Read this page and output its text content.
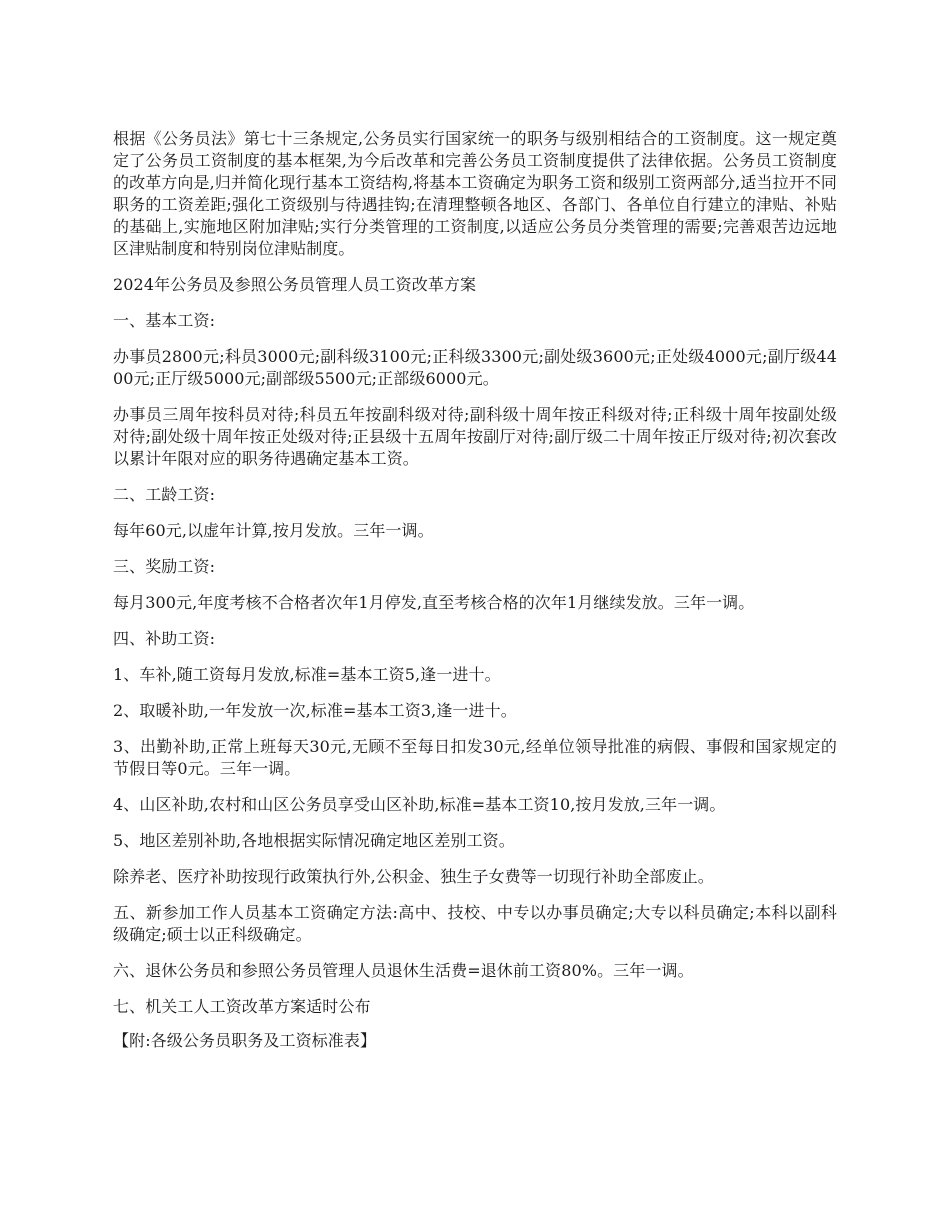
根据《公务员法》第七十三条规定,公务员实行国家统一的职务与级别相结合的工资制度。这一规定奠定了公务员工资制度的基本框架,为今后改革和完善公务员工资制度提供了法律依据。公务员工资制度的改革方向是,归并简化现行基本工资结构,将基本工资确定为职务工资和级别工资两部分,适当拉开不同职务的工资差距;强化工资级别与待遇挂钩;在清理整顿各地区、各部门、各单位自行建立的津贴、补贴的基础上,实施地区附加津贴;实行分类管理的工资制度,以适应公务员分类管理的需要;完善艰苦边远地区津贴制度和特别岗位津贴制度。

2024年公务员及参照公务员管理人员工资改革方案

一、基本工资:

办事员2800元;科员3000元;副科级3100元;正科级3300元;副处级3600元;正处级4000元;副厅级4400元;正厅级5000元;副部级5500元;正部级6000元。

办事员三周年按科员对待;科员五年按副科级对待;副科级十周年按正科级对待;正科级十周年按副处级对待;副处级十周年按正处级对待;正县级十五周年按副厅对待;副厅级二十周年按正厅级对待;初次套改以累计年限对应的职务待遇确定基本工资。

二、工龄工资:

每年60元,以虚年计算,按月发放。三年一调。

三、奖励工资:

每月300元,年度考核不合格者次年1月停发,直至考核合格的次年1月继续发放。三年一调。

四、补助工资:

1、车补,随工资每月发放,标准=基本工资5,逢一进十。

2、取暖补助,一年发放一次,标准=基本工资3,逢一进十。

3、出勤补助,正常上班每天30元,无顾不至每日扣发30元,经单位领导批准的病假、事假和国家规定的节假日等0元。三年一调。

4、山区补助,农村和山区公务员享受山区补助,标准=基本工资10,按月发放,三年一调。

5、地区差别补助,各地根据实际情况确定地区差别工资。

除养老、医疗补助按现行政策执行外,公积金、独生子女费等一切现行补助全部废止。

五、新参加工作人员基本工资确定方法:高中、技校、中专以办事员确定;大专以科员确定;本科以副科级确定;硕士以正科级确定。

六、退休公务员和参照公务员管理人员退休生活费=退休前工资80%。三年一调。

七、机关工人工资改革方案适时公布

【附:各级公务员职务及工资标准表】
